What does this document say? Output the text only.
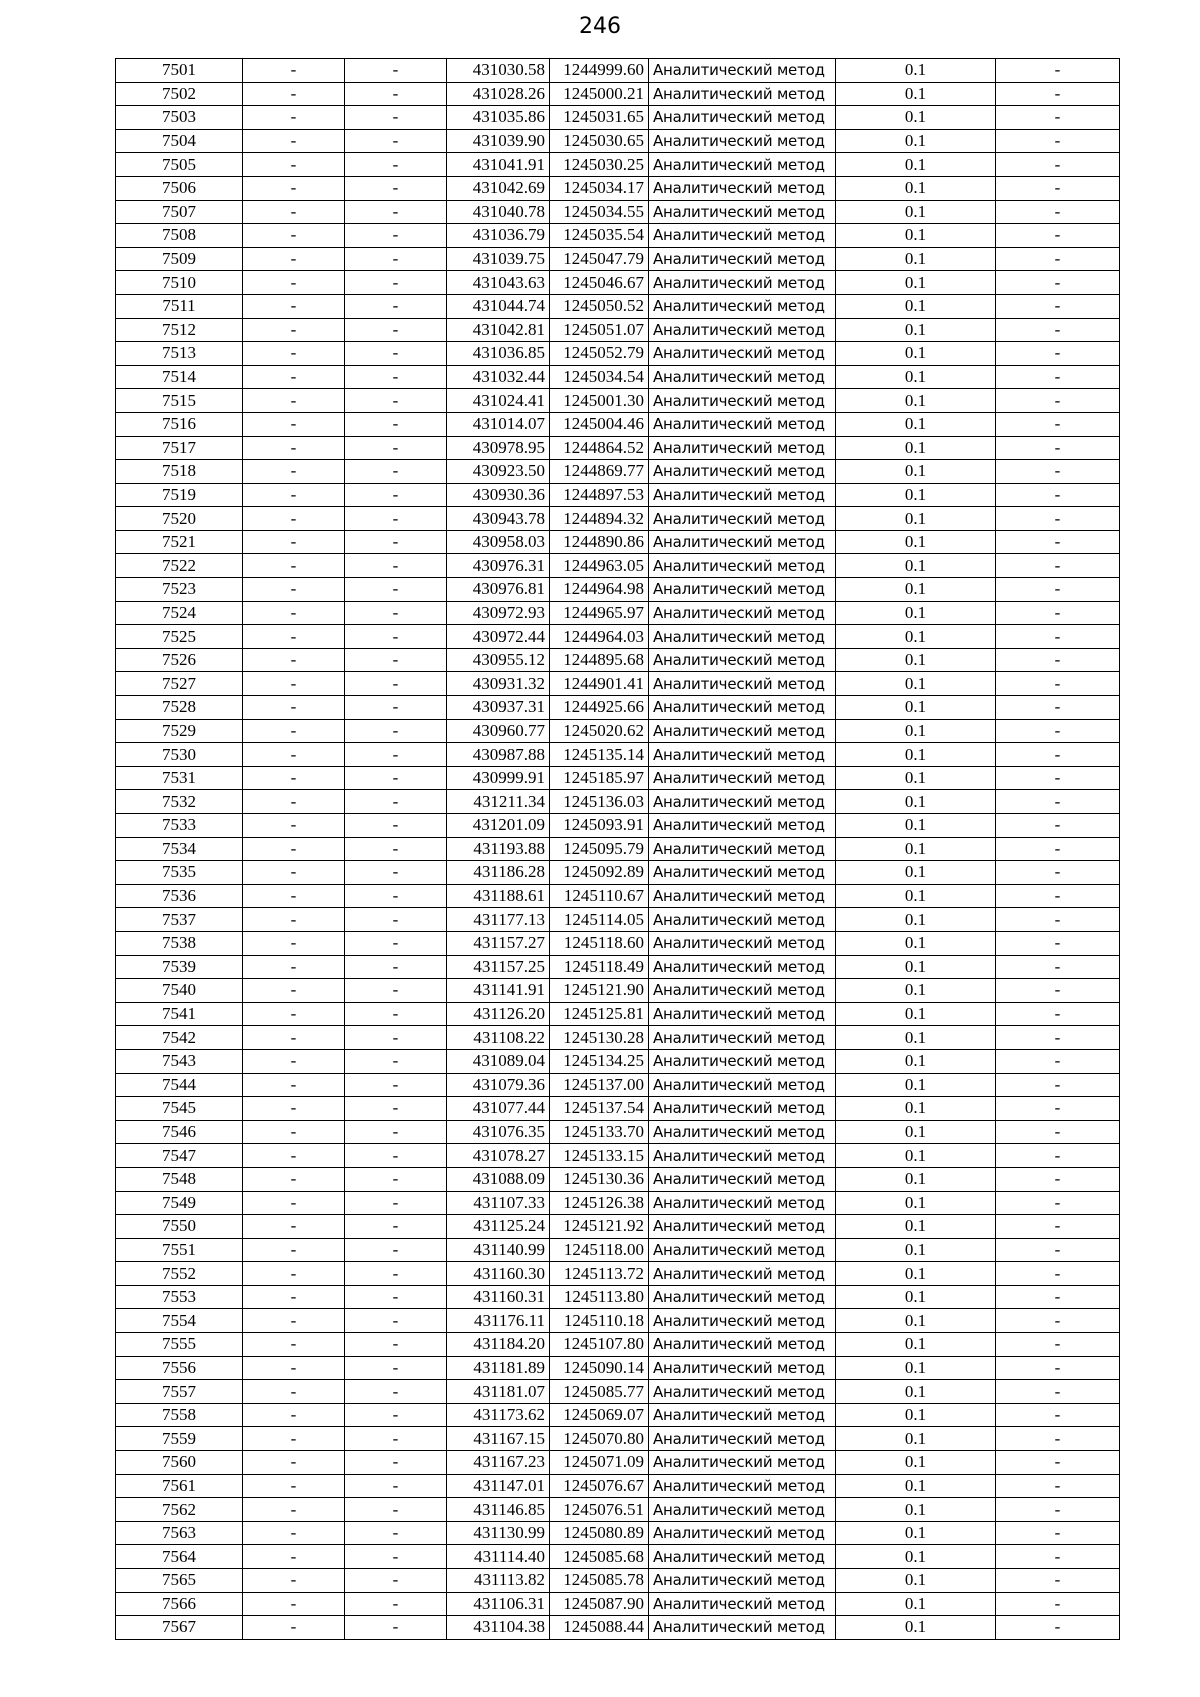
246
7501	-	-	431030.58	1244999.60	Аналитический метод	0.1	-
7502	-	-	431028.26	1245000.21	Аналитический метод	0.1	-
7503	-	-	431035.86	1245031.65	Аналитический метод	0.1	-
7504	-	-	431039.90	1245030.65	Аналитический метод	0.1	-
7505	-	-	431041.91	1245030.25	Аналитический метод	0.1	-
7506	-	-	431042.69	1245034.17	Аналитический метод	0.1	-
7507	-	-	431040.78	1245034.55	Аналитический метод	0.1	-
7508	-	-	431036.79	1245035.54	Аналитический метод	0.1	-
7509	-	-	431039.75	1245047.79	Аналитический метод	0.1	-
7510	-	-	431043.63	1245046.67	Аналитический метод	0.1	-
7511	-	-	431044.74	1245050.52	Аналитический метод	0.1	-
7512	-	-	431042.81	1245051.07	Аналитический метод	0.1	-
7513	-	-	431036.85	1245052.79	Аналитический метод	0.1	-
7514	-	-	431032.44	1245034.54	Аналитический метод	0.1	-
7515	-	-	431024.41	1245001.30	Аналитический метод	0.1	-
7516	-	-	431014.07	1245004.46	Аналитический метод	0.1	-
7517	-	-	430978.95	1244864.52	Аналитический метод	0.1	-
7518	-	-	430923.50	1244869.77	Аналитический метод	0.1	-
7519	-	-	430930.36	1244897.53	Аналитический метод	0.1	-
7520	-	-	430943.78	1244894.32	Аналитический метод	0.1	-
7521	-	-	430958.03	1244890.86	Аналитический метод	0.1	-
7522	-	-	430976.31	1244963.05	Аналитический метод	0.1	-
7523	-	-	430976.81	1244964.98	Аналитический метод	0.1	-
7524	-	-	430972.93	1244965.97	Аналитический метод	0.1	-
7525	-	-	430972.44	1244964.03	Аналитический метод	0.1	-
7526	-	-	430955.12	1244895.68	Аналитический метод	0.1	-
7527	-	-	430931.32	1244901.41	Аналитический метод	0.1	-
7528	-	-	430937.31	1244925.66	Аналитический метод	0.1	-
7529	-	-	430960.77	1245020.62	Аналитический метод	0.1	-
7530	-	-	430987.88	1245135.14	Аналитический метод	0.1	-
7531	-	-	430999.91	1245185.97	Аналитический метод	0.1	-
7532	-	-	431211.34	1245136.03	Аналитический метод	0.1	-
7533	-	-	431201.09	1245093.91	Аналитический метод	0.1	-
7534	-	-	431193.88	1245095.79	Аналитический метод	0.1	-
7535	-	-	431186.28	1245092.89	Аналитический метод	0.1	-
7536	-	-	431188.61	1245110.67	Аналитический метод	0.1	-
7537	-	-	431177.13	1245114.05	Аналитический метод	0.1	-
7538	-	-	431157.27	1245118.60	Аналитический метод	0.1	-
7539	-	-	431157.25	1245118.49	Аналитический метод	0.1	-
7540	-	-	431141.91	1245121.90	Аналитический метод	0.1	-
7541	-	-	431126.20	1245125.81	Аналитический метод	0.1	-
7542	-	-	431108.22	1245130.28	Аналитический метод	0.1	-
7543	-	-	431089.04	1245134.25	Аналитический метод	0.1	-
7544	-	-	431079.36	1245137.00	Аналитический метод	0.1	-
7545	-	-	431077.44	1245137.54	Аналитический метод	0.1	-
7546	-	-	431076.35	1245133.70	Аналитический метод	0.1	-
7547	-	-	431078.27	1245133.15	Аналитический метод	0.1	-
7548	-	-	431088.09	1245130.36	Аналитический метод	0.1	-
7549	-	-	431107.33	1245126.38	Аналитический метод	0.1	-
7550	-	-	431125.24	1245121.92	Аналитический метод	0.1	-
7551	-	-	431140.99	1245118.00	Аналитический метод	0.1	-
7552	-	-	431160.30	1245113.72	Аналитический метод	0.1	-
7553	-	-	431160.31	1245113.80	Аналитический метод	0.1	-
7554	-	-	431176.11	1245110.18	Аналитический метод	0.1	-
7555	-	-	431184.20	1245107.80	Аналитический метод	0.1	-
7556	-	-	431181.89	1245090.14	Аналитический метод	0.1	-
7557	-	-	431181.07	1245085.77	Аналитический метод	0.1	-
7558	-	-	431173.62	1245069.07	Аналитический метод	0.1	-
7559	-	-	431167.15	1245070.80	Аналитический метод	0.1	-
7560	-	-	431167.23	1245071.09	Аналитический метод	0.1	-
7561	-	-	431147.01	1245076.67	Аналитический метод	0.1	-
7562	-	-	431146.85	1245076.51	Аналитический метод	0.1	-
7563	-	-	431130.99	1245080.89	Аналитический метод	0.1	-
7564	-	-	431114.40	1245085.68	Аналитический метод	0.1	-
7565	-	-	431113.82	1245085.78	Аналитический метод	0.1	-
7566	-	-	431106.31	1245087.90	Аналитический метод	0.1	-
7567	-	-	431104.38	1245088.44	Аналитический метод	0.1	-
